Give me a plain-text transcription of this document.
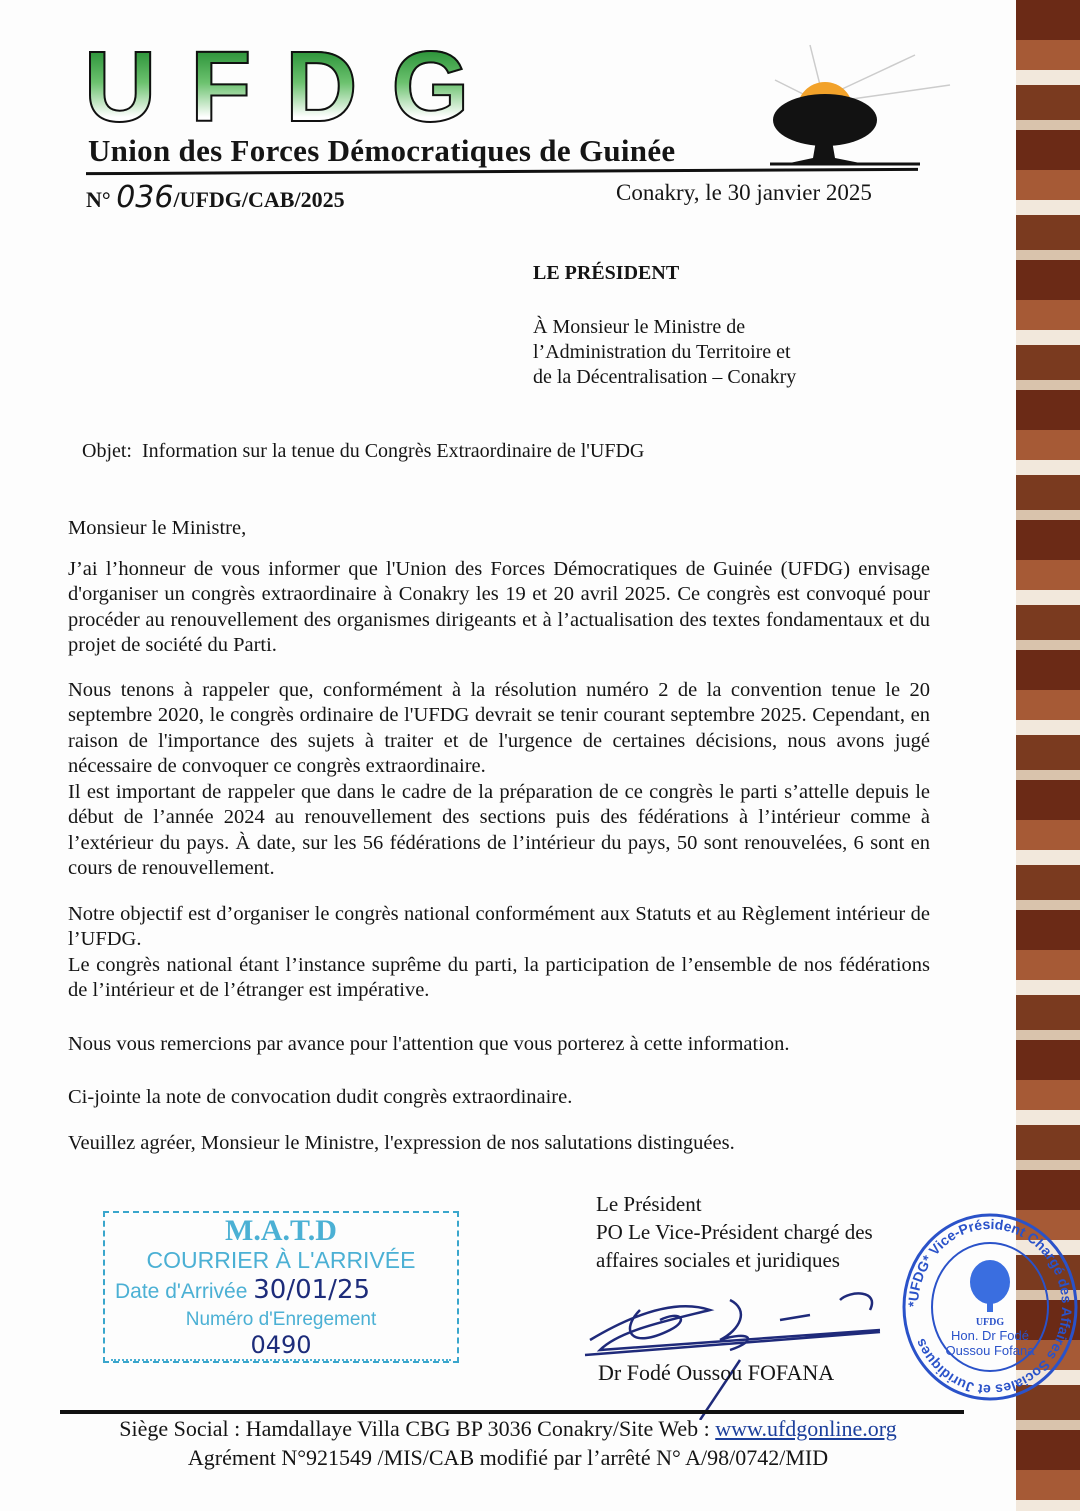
UFDG
Union des Forces Démocratiques de Guinée
N° 036/UFDG/CAB/2025	Conakry, le 30 janvier 2025
LE PRÉSIDENT
À Monsieur le Ministre de
l’Administration du Territoire et
de la Décentralisation – Conakry
Objet: Information sur la tenue du Congrès Extraordinaire de l'UFDG

Monsieur le Ministre,

J’ai l’honneur de vous informer que l'Union des Forces Démocratiques de Guinée (UFDG) envisage d'organiser un congrès extraordinaire à Conakry les 19 et 20 avril 2025. Ce congrès est convoqué pour procéder au renouvellement des organismes dirigeants et à l’actualisation des textes fondamentaux et du projet de société du Parti.

Nous tenons à rappeler que, conformément à la résolution numéro 2 de la convention tenue le 20 septembre 2020, le congrès ordinaire de l'UFDG devrait se tenir courant septembre 2025. Cependant, en raison de l'importance des sujets à traiter et de l'urgence de certaines décisions, nous avons jugé nécessaire de convoquer ce congrès extraordinaire.

Il est important de rappeler que dans le cadre de la préparation de ce congrès le parti s’attelle depuis le début de l’année 2024 au renouvellement des sections puis des fédérations à l’intérieur comme à l’extérieur du pays. À date, sur les 56 fédérations de l’intérieur du pays, 50 sont renouvelées, 6 sont en cours de renouvellement.

Notre objectif est d’organiser le congrès national conformément aux Statuts et au Règlement intérieur de l’UFDG.

Le congrès national étant l’instance suprême du parti, la participation de l’ensemble de nos fédérations de l’intérieur et de l’étranger est impérative.

Nous vous remercions par avance pour l'attention que vous porterez à cette information.

Ci-jointe la note de convocation dudit congrès extraordinaire.

Veuillez agréer, Monsieur le Ministre, l'expression de nos salutations distinguées.

M.A.T.D
COURRIER À L'ARRIVÉE
Date d'Arrivée 30/01/25
Numéro d'Enregement
0490
Le Président
PO Le Vice-Président chargé des
affaires sociales et juridiques
Dr Fodé Oussou FOFANA
*UFDG* Vice-Président Chargé des Affaires Sociales et Juridiques
UFDG
Hon. Dr Fodé
Oussou Fofana
Siège Social : Hamdallaye Villa CBG BP 3036 Conakry/Site Web : www.ufdgonline.org
Agrément N°921549 /MIS/CAB modifié par l’arrêté N° A/98/0742/MID
